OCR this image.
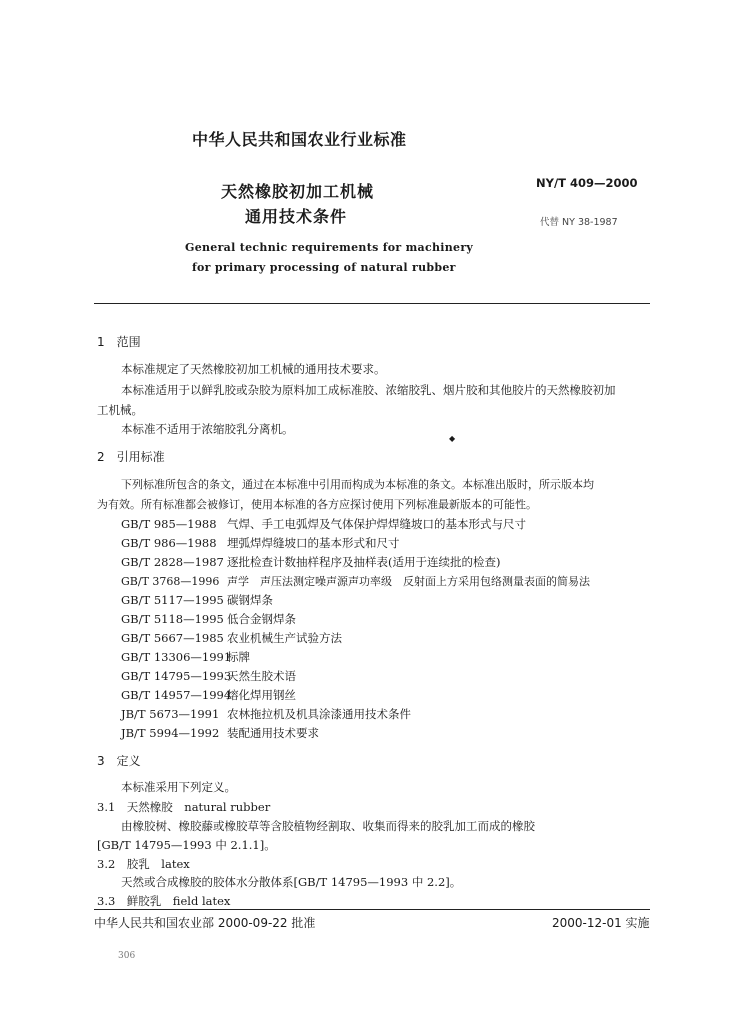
中华人民共和国农业行业标准
NY/T 409—2000
代替 NY 38-1987
天然橡胶初加工机械
通用技术条件
General technic requirements for machinery
for primary processing of natural rubber
1　范围
本标准规定了天然橡胶初加工机械的通用技术要求。
本标准适用于以鲜乳胶或杂胶为原料加工成标准胶、浓缩胶乳、烟片胶和其他胶片的天然橡胶初加
工机械。
本标准不适用于浓缩胶乳分离机。
◆
2　引用标准
下列标准所包含的条文，通过在本标准中引用而构成为本标准的条文。本标准出版时，所示版本均
为有效。所有标准都会被修订，使用本标准的各方应探讨使用下列标准最新版本的可能性。
GB/T 985—1988 气焊、手工电弧焊及气体保护焊焊缝坡口的基本形式与尺寸
GB/T 986—1988 埋弧焊焊缝坡口的基本形式和尺寸
GB/T 2828—1987 逐批检查计数抽样程序及抽样表(适用于连续批的检查)
GB/T 3768—1996 声学　声压法测定噪声源声功率级　反射面上方采用包络测量表面的简易法
GB/T 5117—1995 碳钢焊条
GB/T 5118—1995 低合金钢焊条
GB/T 5667—1985 农业机械生产试验方法
GB/T 13306—1991标牌
GB/T 14795—1993天然生胶术语
GB/T 14957—1994熔化焊用钢丝
JB/T 5673—1991 农林拖拉机及机具涂漆通用技术条件
JB/T 5994—1992 装配通用技术要求
3　定义
本标准采用下列定义。
3.1　天然橡胶　natural rubber
由橡胶树、橡胶藤或橡胶草等含胶植物经割取、收集而得来的胶乳加工而成的橡胶
[GB/T 14795—1993 中 2.1.1]。
3.2　胶乳　latex
天然或合成橡胶的胶体水分散体系[GB/T 14795—1993 中 2.2]。
3.3　鲜胶乳　field latex
中华人民共和国农业部 2000-09-22 批准	2000-12-01 实施
306
